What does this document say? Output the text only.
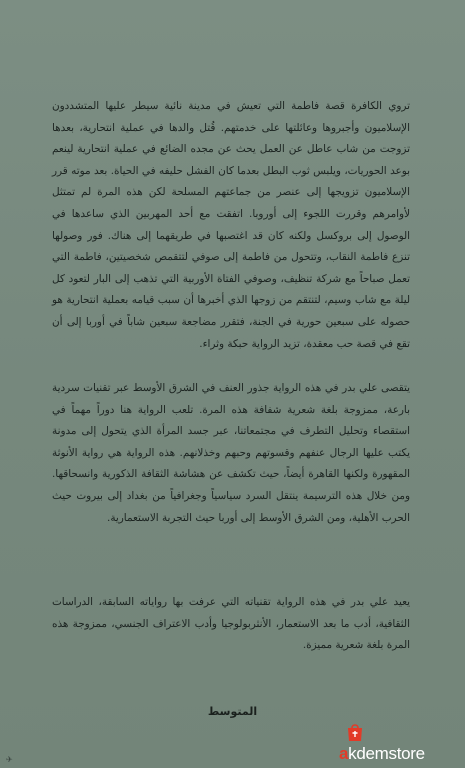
تروي الكافرة قصة فاطمة التي تعيش في مدينة نائية سيطر عليها المتشددون الإسلاميون وأجبروها وعائلتها على خدمتهم. قُتل والدها في عملية انتحارية، بعدها تزوجت من شاب عاطل عن العمل يحث عن مجده الضائع في عملية انتحارية لينعم بوعد الحوريات، ويلبس ثوب البطل بعدما كان الفشل حليفه في الحياة. بعد موته قرر الإسلاميون تزويجها إلى عنصر من جماعتهم المسلحة لكن هذه المرة لم تمتثل لأوامرهم وقررت اللجوء إلى أوروبا. اتفقت مع أحد المهربين الذي ساعدها في الوصول إلى بروكسل ولكنه كان قد اغتصبها في طريقهما إلى هناك. فور وصولها تنزع فاطمة النقاب، وتتحول من فاطمة إلى صوفي لتتقمص شخصيتين، فاطمة التي تعمل صباحاً مع شركة تنظيف، وصوفي الفتاة الأوربية التي تذهب إلى البار لتعود كل ليلة مع شاب وسيم، لتنتقم من زوجها الذي أخبرها أن سبب قيامه بعملية انتحارية هو حصوله على سبعين حورية في الجنة، فتقرر مضاجعة سبعين شاباً في أوربا إلى أن تقع في قصة حب معقدة، تزيد الرواية حبكة وثراء.
يتقصى علي بدر في هذه الرواية جذور العنف في الشرق الأوسط عبر تقنيات سردية بارعة، ممزوجة بلغة شعرية شفافة هذه المرة. تلعب الرواية هنا دوراً مهماً في استقصاء وتحليل التطرف في مجتمعاتنا، عبر جسد المرأة الذي يتحول إلى مدونة يكتب عليها الرجال عنفهم وقسوتهم وحبهم وخذلانهم. هذه الرواية هي رواية الأنوثة المقهورة ولكنها القاهرة أيضاً، حيث تكشف عن هشاشة الثقافة الذكورية وانسحاقها. ومن خلال هذه الترسيمة ينتقل السرد سياسياً وجغرافياً من بغداد إلى بيروت حيث الحرب الأهلية، ومن الشرق الأوسط إلى أوربا حيث التجربة الاستعمارية.
يعيد علي بدر في هذه الرواية تقنياته التي عرفت بها رواياته السابقة، الدراسات الثقافية، أدب ما بعد الاستعمار، الأنثربولوجيا وأدب الاعتراف الجنسي، ممزوجة هذه المرة بلغة شعرية مميزة.
المتوسط
✈	akdemstore
